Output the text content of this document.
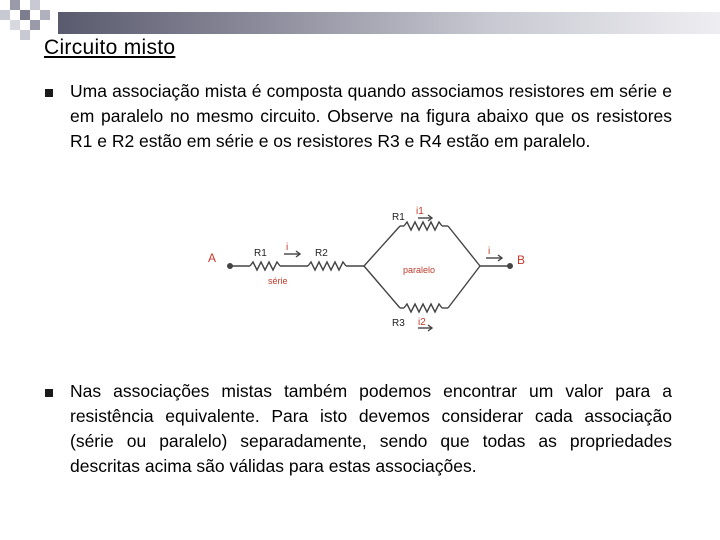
Circuito misto
Uma associação mista é composta quando associamos resistores em série e em paralelo no mesmo circuito. Observe na figura abaixo que os resistores R1 e R2 estão em série e os resistores R3 e R4 estão em paralelo.
A	B
R1	R2
i	i
série
paralelo
R1
i1
R3 i2
Nas associações mistas também podemos encontrar um valor para a resistência equivalente. Para isto devemos considerar cada associação (série ou paralelo) separadamente, sendo que todas as propriedades descritas acima são válidas para estas associações.
